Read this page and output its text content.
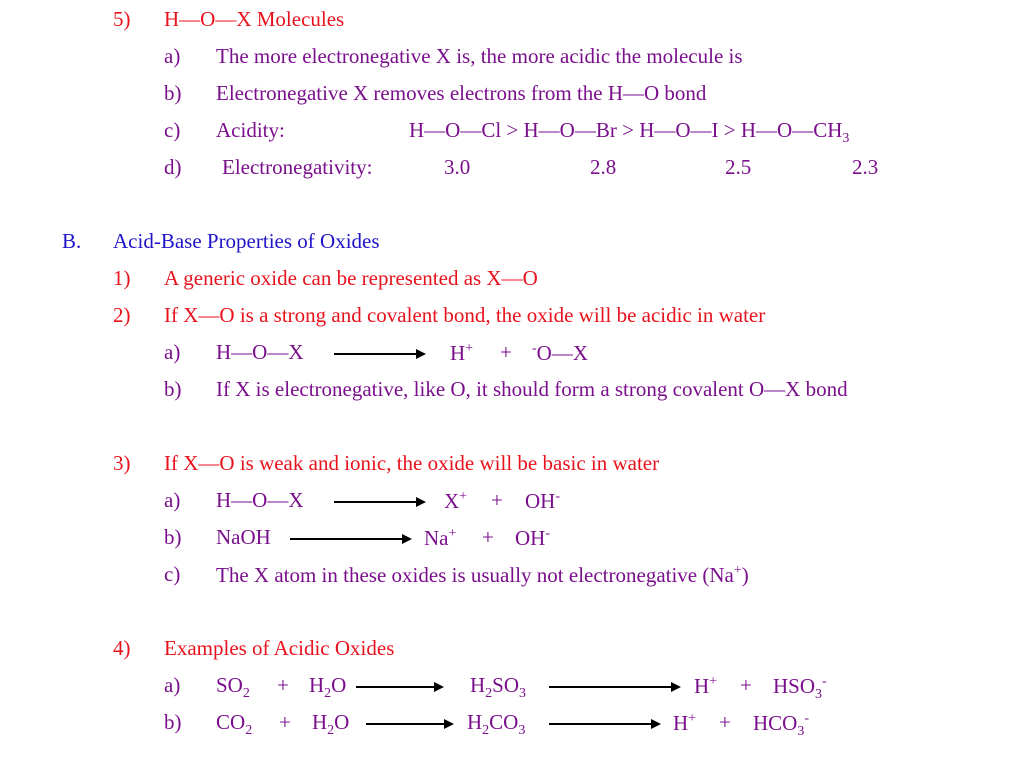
5) H—O—X Molecules
a) The more electronegative X is, the more acidic the molecule is
b) Electronegative X removes electrons from the H—O bond
c) Acidity:	H—O—Cl > H—O—Br > H—O—I > $H—O—CH_3$
d) Electronegativity:	3.0	2.8	2.5	2.3
B. Acid-Base Properties of Oxides
1) A generic oxide can be represented as X—O
2) If X—O is a strong and covalent bond, the oxide will be acidic in water
a) H—O—X	H+ + -O—X
b) If X is electronegative, like O, it should form a strong covalent O—X bond
3) If X—O is weak and ionic, the oxide will be basic in water
a) H—O—X	X+ + OH-
b) NaOH	Na+ + OH-
c) The X atom in these oxides is usually not electronegative (Na+)
4) Examples of Acidic Oxides
a) $SO_2 + H_2O$	$H_2SO_3$	$H^+ + HSO_3^-$
b) $CO_2 + H_2O$	$H_2CO_3$	$H^+ + HCO_3^-$
